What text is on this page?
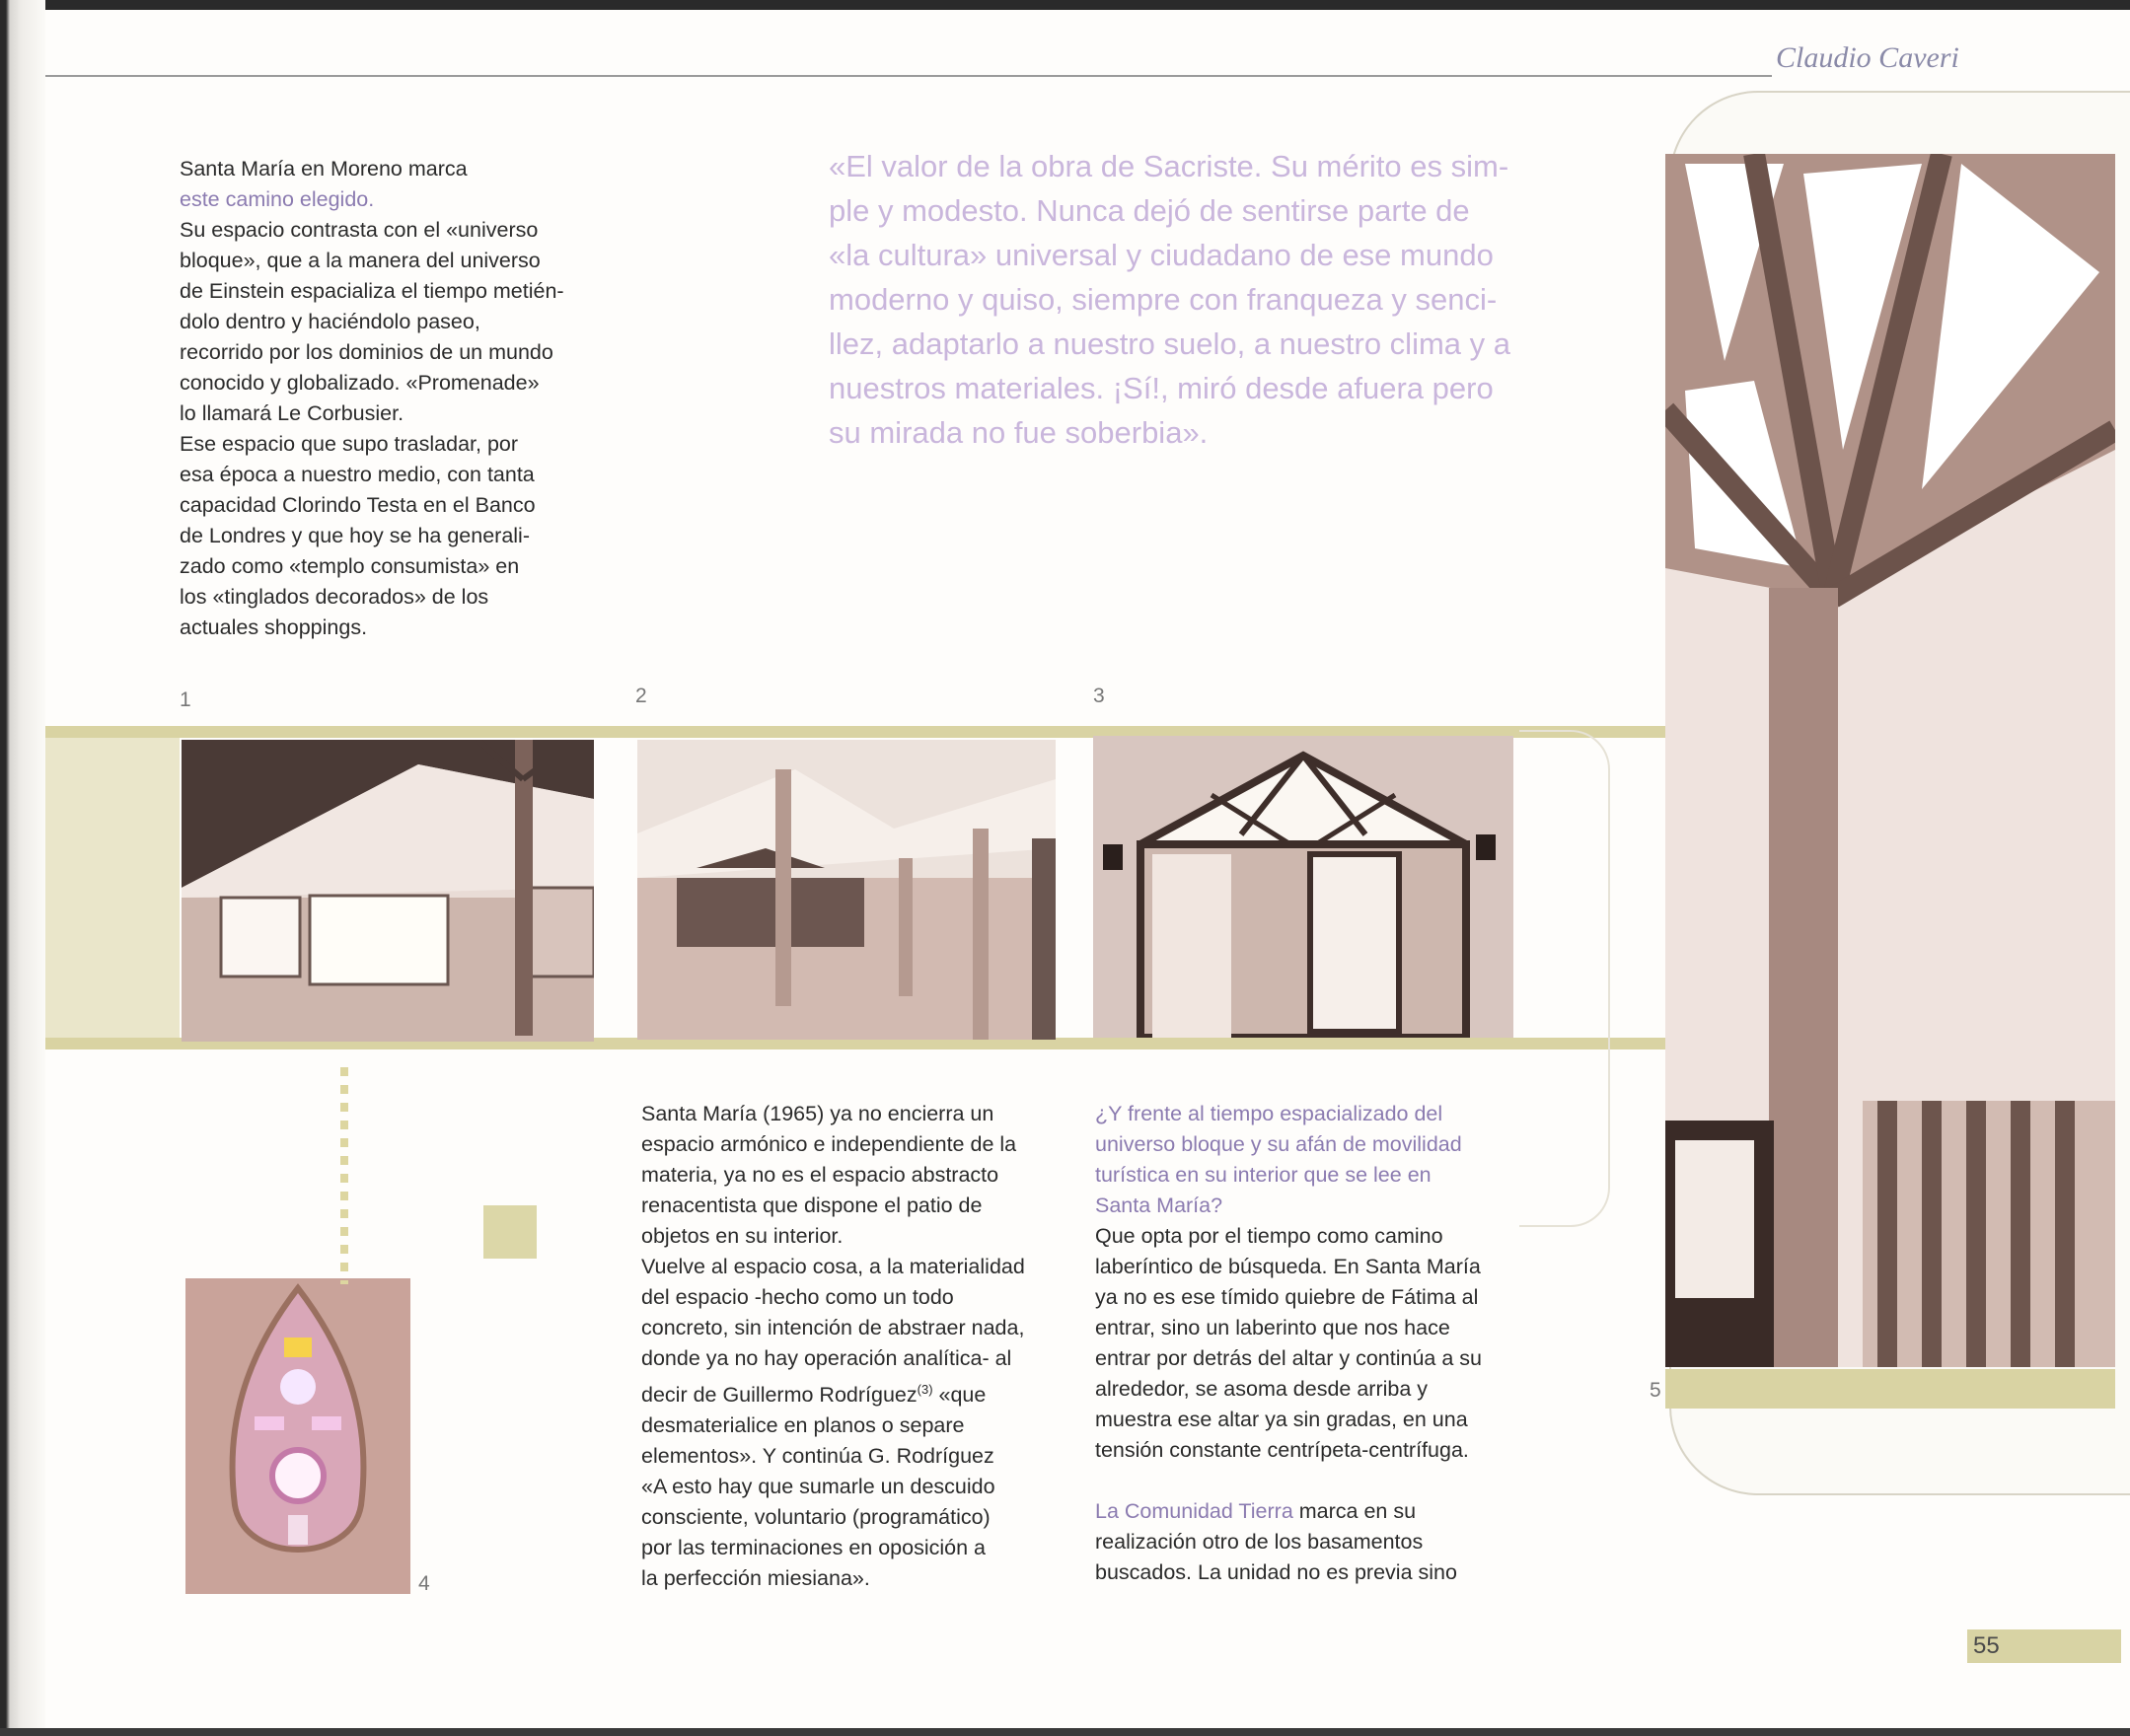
Claudio Caveri

Santa María en Moreno marca
este camino elegido.
Su espacio contrasta con el «universo
bloque», que a la manera del universo
de Einstein espacializa el tiempo metién-
dolo dentro y haciéndolo paseo,
recorrido por los dominios de un mundo
conocido y globalizado. «Promenade»
lo llamará Le Corbusier.
Ese espacio que supo trasladar, por
esa época a nuestro medio, con tanta
capacidad Clorindo Testa en el Banco
de Londres y que hoy se ha generali-
zado como «templo consumista» en
los «tinglados decorados» de los
actuales shoppings.

«El valor de la obra de Sacriste. Su mérito es sim-
ple y modesto. Nunca dejó de sentirse parte de
«la cultura» universal y ciudadano de ese mundo
moderno y quiso, siempre con franqueza y senci-
llez, adaptarlo a nuestro suelo, a nuestro clima y a
nuestros materiales. ¡Sí!, miró desde afuera pero
su mirada no fue soberbia».
1	2	3
4
5

Santa María (1965) ya no encierra un
espacio armónico e independiente de la
materia, ya no es el espacio abstracto
renacentista que dispone el patio de
objetos en su interior.
Vuelve al espacio cosa, a la materialidad
del espacio -hecho como un todo
concreto, sin intención de abstraer nada,
donde ya no hay operación analítica- al
decir de Guillermo Rodríguez$^{(3)}$ «que
desmaterialice en planos o separe
elementos». Y continúa G. Rodríguez
«A esto hay que sumarle un descuido
consciente, voluntario (programático)
por las terminaciones en oposición a
la perfección miesiana».

¿Y frente al tiempo espacializado del
universo bloque y su afán de movilidad
turística en su interior que se lee en
Santa María?
Que opta por el tiempo como camino
laberíntico de búsqueda. En Santa María
ya no es ese tímido quiebre de Fátima al
entrar, sino un laberinto que nos hace
entrar por detrás del altar y continúa a su
alrededor, se asoma desde arriba y
muestra ese altar ya sin gradas, en una
tensión constante centrípeta-centrífuga.

La Comunidad Tierra marca en su
realización otro de los basamentos
buscados. La unidad no es previa sino

55
